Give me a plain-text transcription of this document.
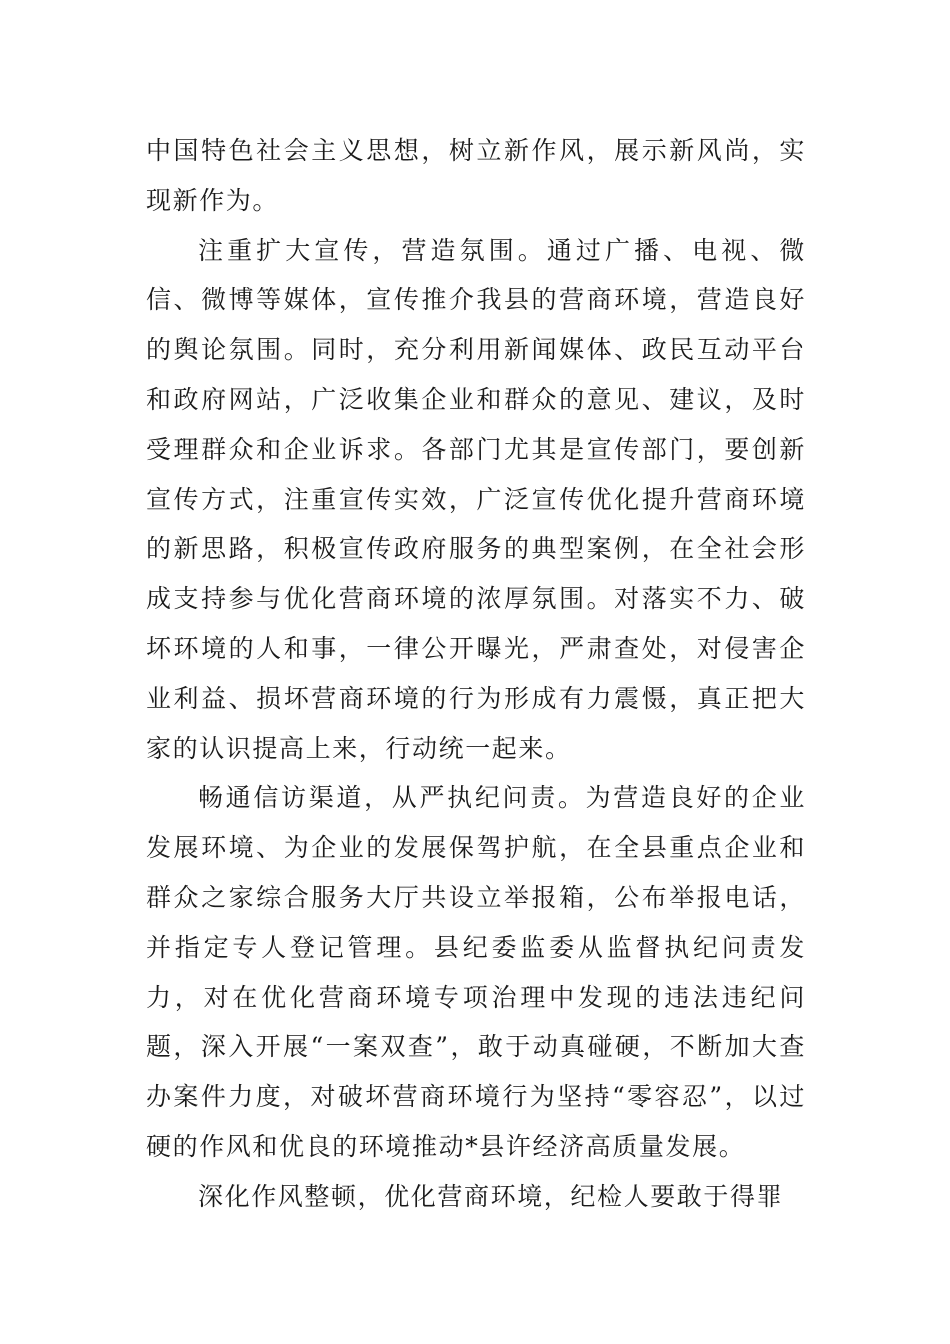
中国特色社会主义思想，树立新作风，展示新风尚，实现新作为。

注重扩大宣传，营造氛围。通过广播、电视、微信、微博等媒体，宣传推介我县的营商环境，营造良好的舆论氛围。同时，充分利用新闻媒体、政民互动平台和政府网站，广泛收集企业和群众的意见、建议，及时受理群众和企业诉求。各部门尤其是宣传部门，要创新宣传方式，注重宣传实效，广泛宣传优化提升营商环境的新思路，积极宣传政府服务的典型案例，在全社会形成支持参与优化营商环境的浓厚氛围。对落实不力、破坏环境的人和事，一律公开曝光，严肃查处，对侵害企业利益、损坏营商环境的行为形成有力震慑，真正把大家的认识提高上来，行动统一起来。

畅通信访渠道，从严执纪问责。为营造良好的企业发展环境、为企业的发展保驾护航，在全县重点企业和群众之家综合服务大厅共设立举报箱，公布举报电话，并指定专人登记管理。县纪委监委从监督执纪问责发力，对在优化营商环境专项治理中发现的违法违纪问题，深入开展“一案双查”，敢于动真碰硬，不断加大查办案件力度，对破坏营商环境行为坚持“零容忍”，以过硬的作风和优良的环境推动*县许经济高质量发展。

深化作风整顿，优化营商环境，纪检人要敢于得罪
